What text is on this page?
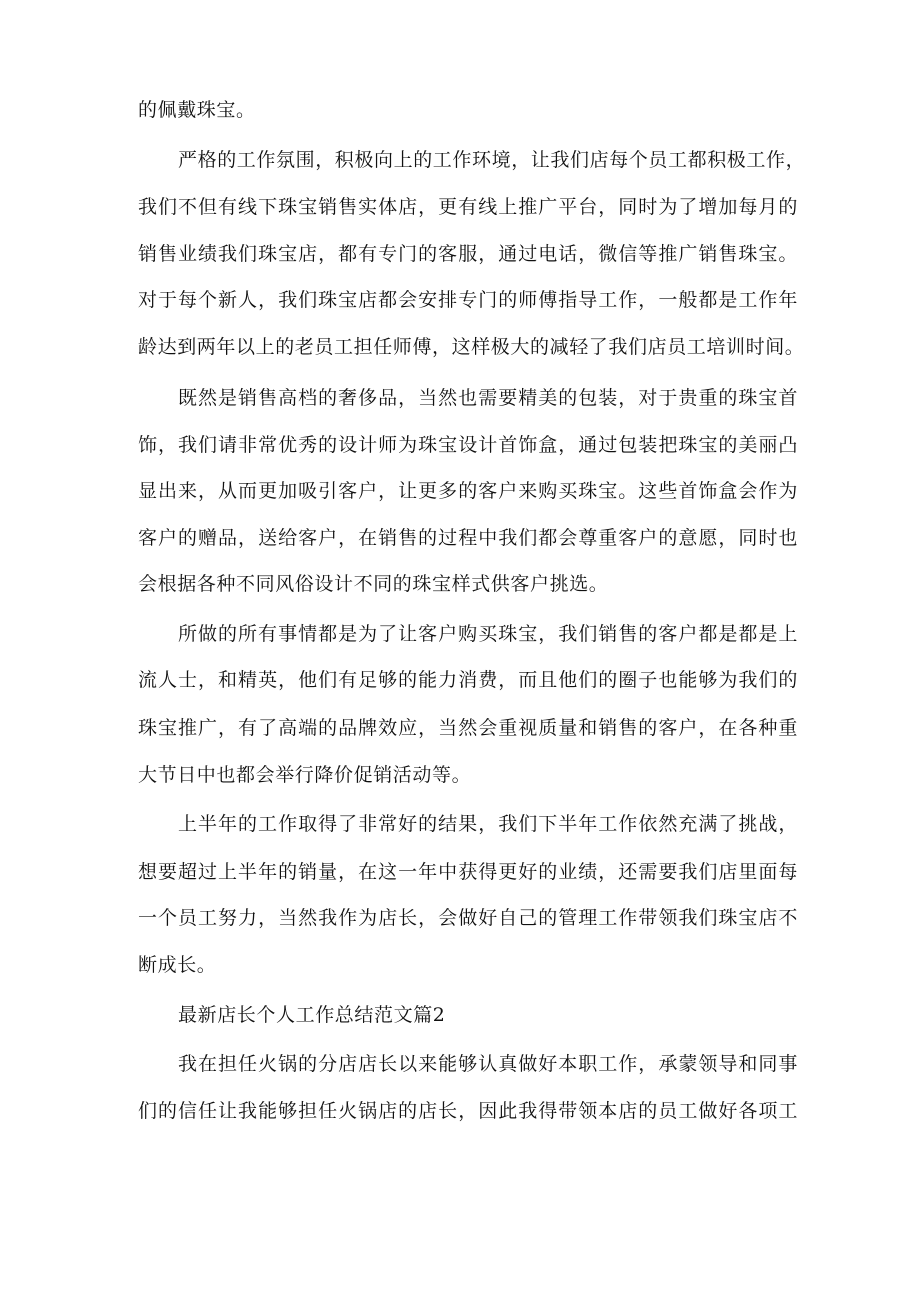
的佩戴珠宝。
严格的工作氛围，积极向上的工作环境，让我们店每个员工都积极工作，
我们不但有线下珠宝销售实体店，更有线上推广平台，同时为了增加每月的
销售业绩我们珠宝店，都有专门的客服，通过电话，微信等推广销售珠宝。
对于每个新人，我们珠宝店都会安排专门的师傅指导工作，一般都是工作年
龄达到两年以上的老员工担任师傅，这样极大的减轻了我们店员工培训时间。
既然是销售高档的奢侈品，当然也需要精美的包装，对于贵重的珠宝首
饰，我们请非常优秀的设计师为珠宝设计首饰盒，通过包装把珠宝的美丽凸
显出来，从而更加吸引客户，让更多的客户来购买珠宝。这些首饰盒会作为
客户的赠品，送给客户，在销售的过程中我们都会尊重客户的意愿，同时也
会根据各种不同风俗设计不同的珠宝样式供客户挑选。
所做的所有事情都是为了让客户购买珠宝，我们销售的客户都是都是上
流人士，和精英，他们有足够的能力消费，而且他们的圈子也能够为我们的
珠宝推广，有了高端的品牌效应，当然会重视质量和销售的客户，在各种重
大节日中也都会举行降价促销活动等。
上半年的工作取得了非常好的结果，我们下半年工作依然充满了挑战，
想要超过上半年的销量，在这一年中获得更好的业绩，还需要我们店里面每
一个员工努力，当然我作为店长，会做好自己的管理工作带领我们珠宝店不
断成长。
最新店长个人工作总结范文篇2
我在担任火锅的分店店长以来能够认真做好本职工作，承蒙领导和同事
们的信任让我能够担任火锅店的店长，因此我得带领本店的员工做好各项工
